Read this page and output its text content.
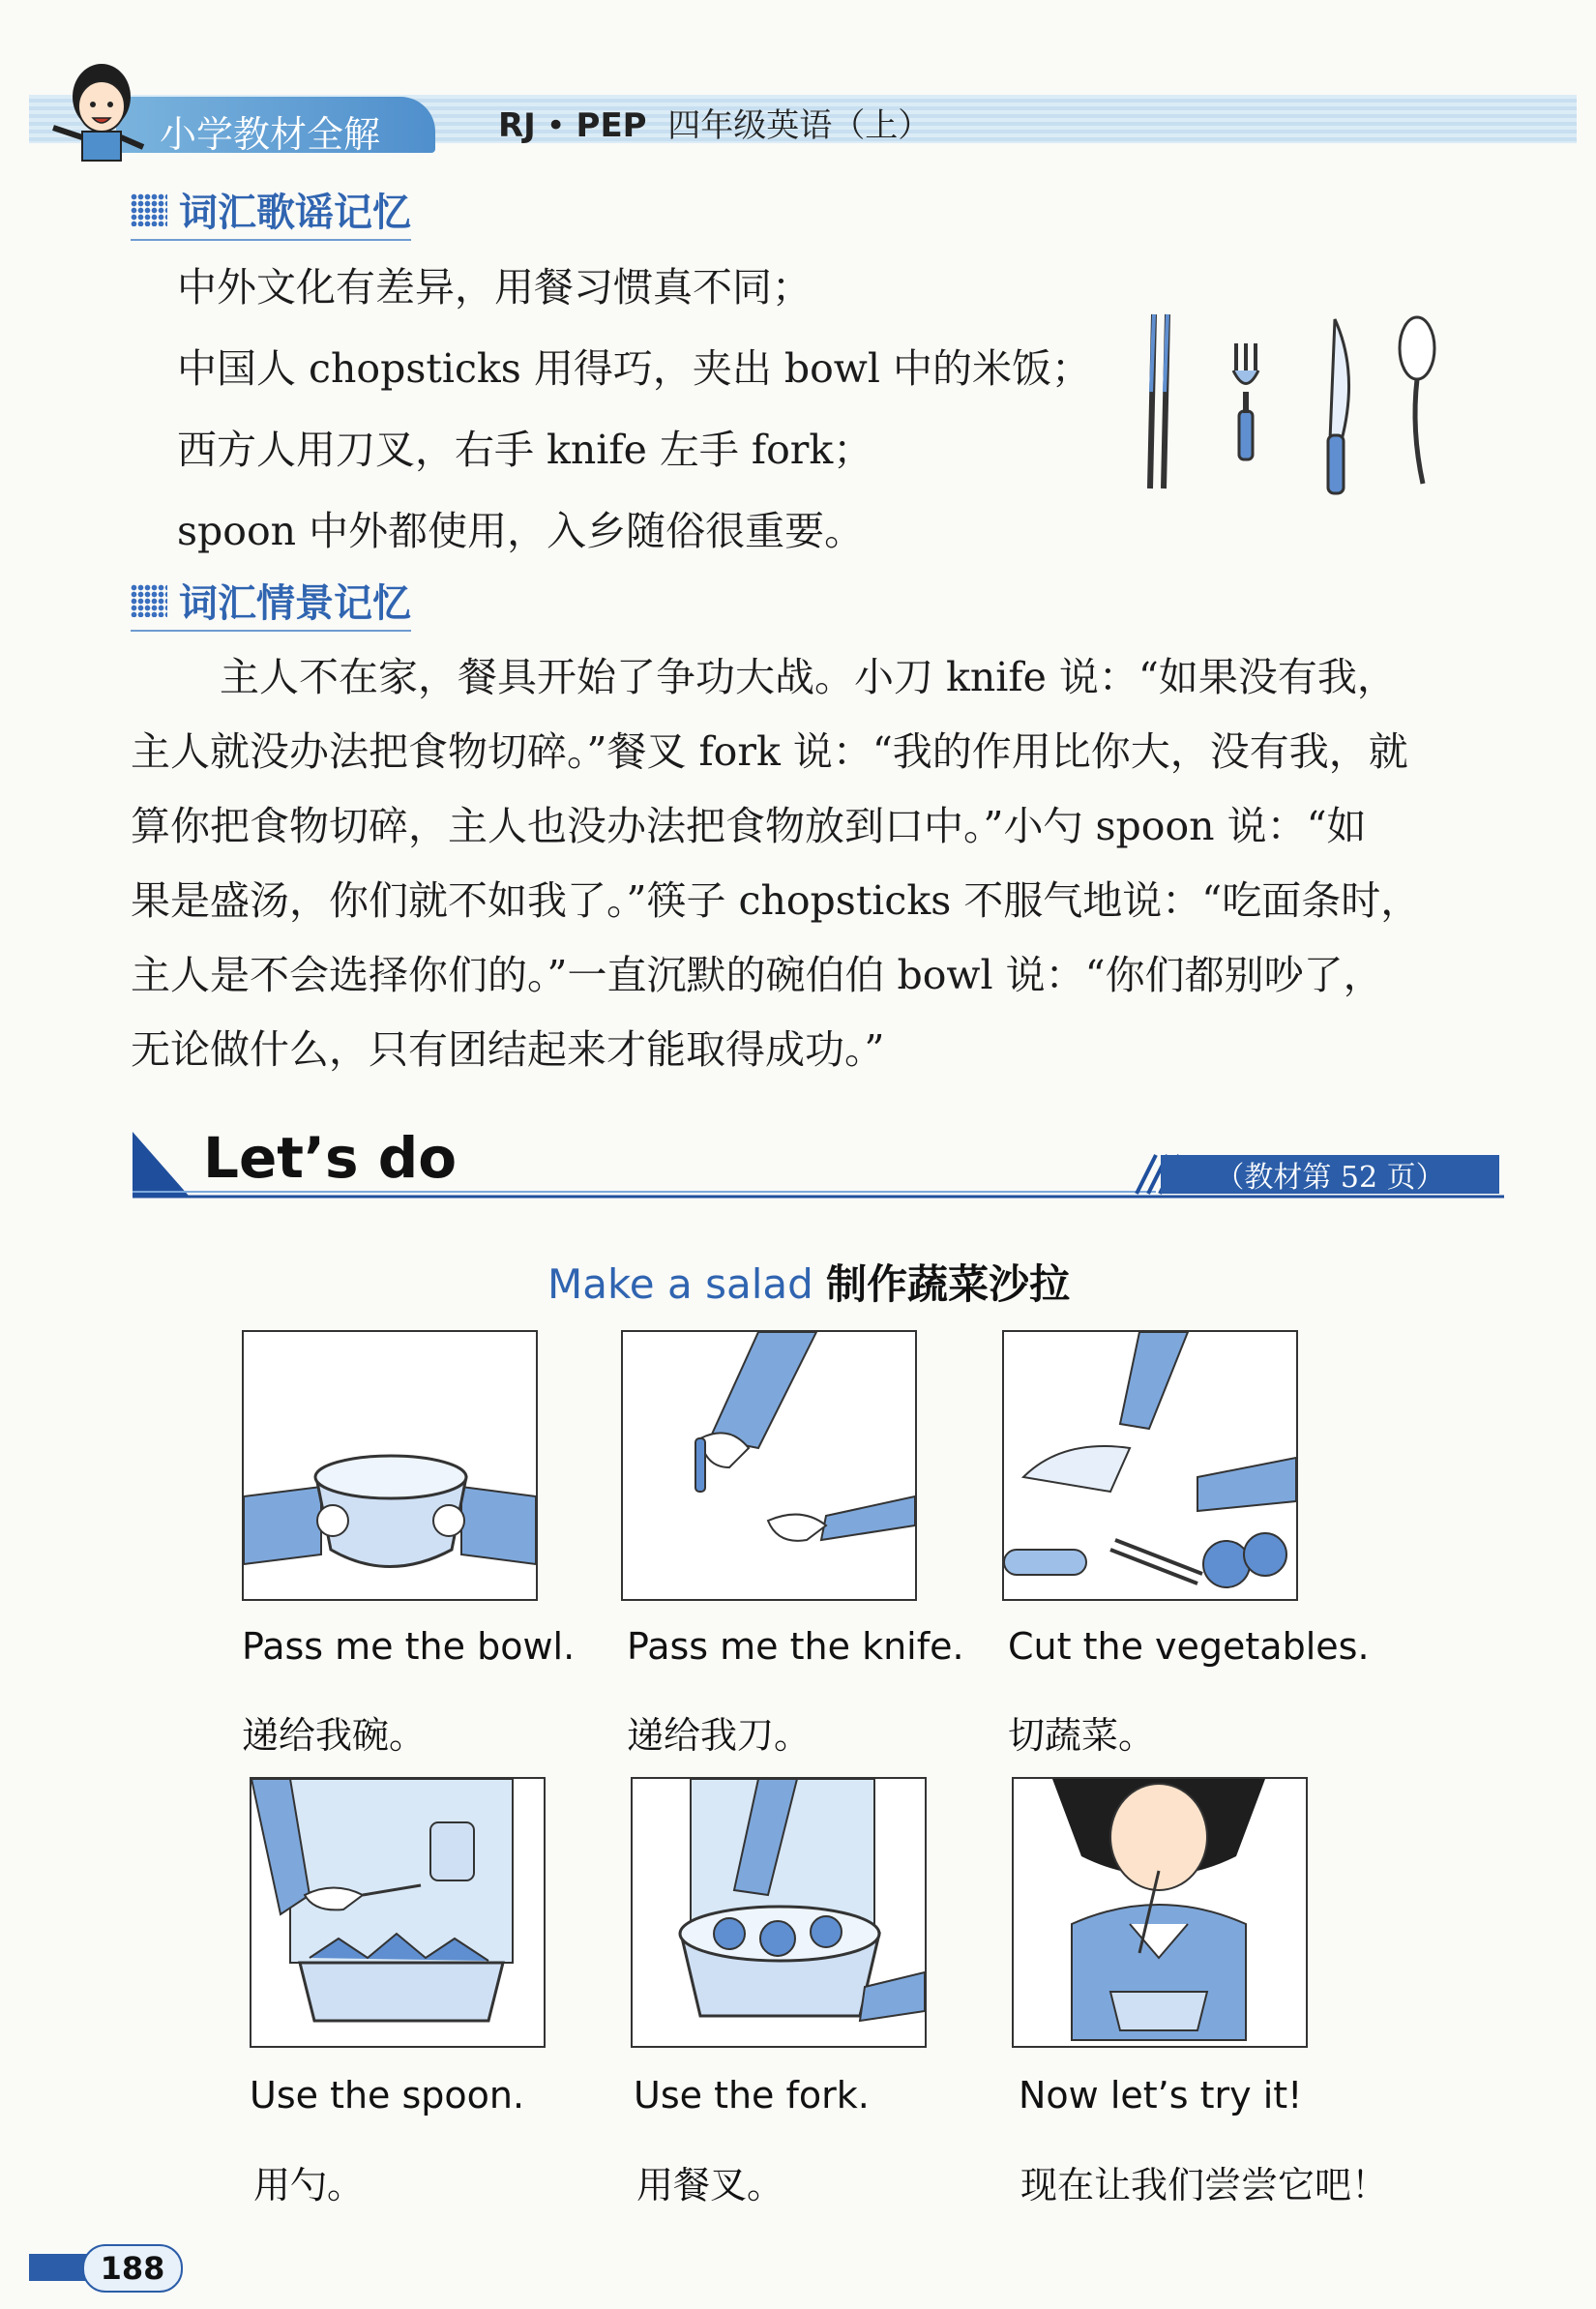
小学教材全解	RJ • PEP 四年级英语（上）
词汇歌谣记忆
中外文化有差异，用餐习惯真不同；
中国人 chopsticks 用得巧，夹出 bowl 中的米饭；
西方人用刀叉，右手 knife 左手 fork；
spoon 中外都使用，入乡随俗很重要。
词汇情景记忆
主人不在家，餐具开始了争功大战。小刀 knife 说：“如果没有我，
主人就没办法把食物切碎。”餐叉 fork 说：“我的作用比你大，没有我，就
算你把食物切碎，主人也没办法把食物放到口中。”小勺 spoon 说：“如
果是盛汤，你们就不如我了。”筷子 chopsticks 不服气地说：“吃面条时，
主人是不会选择你们的。”一直沉默的碗伯伯 bowl 说：“你们都别吵了，
无论做什么，只有团结起来才能取得成功。”
Let’s do	（教材第 52 页）
Make a salad 制作蔬菜沙拉
Pass me the bowl. Pass me the knife. Cut the vegetables.
递给我碗。	递给我刀。	切蔬菜。
Use the spoon.	Use the fork.	Now let’s try it!
用勺。	用餐叉。	现在让我们尝尝它吧！
188
